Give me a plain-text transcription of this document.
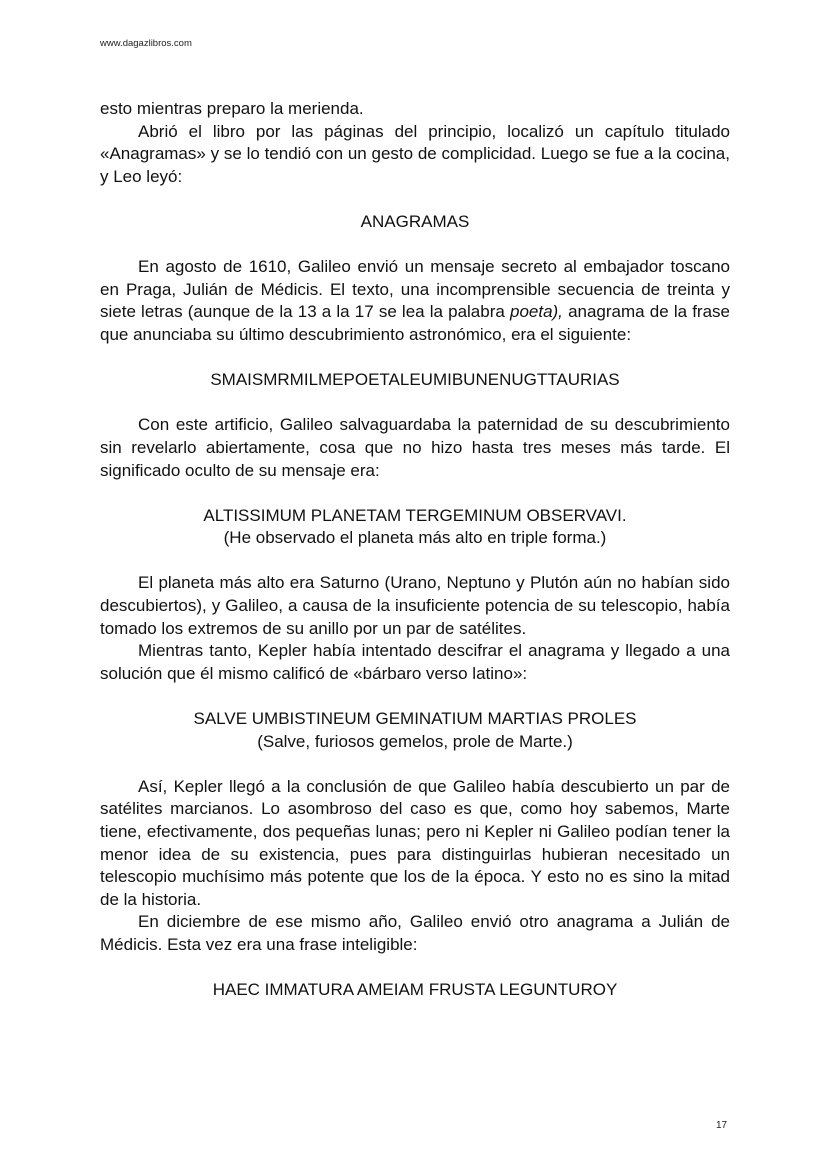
www.dagazlibros.com

esto mientras preparo la merienda.

Abrió el libro por las páginas del principio, localizó un capítulo titulado «Anagramas» y se lo tendió con un gesto de complicidad. Luego se fue a la cocina, y Leo leyó:

ANAGRAMAS

En agosto de 1610, Galileo envió un mensaje secreto al embajador toscano en Praga, Julián de Médicis. El texto, una incomprensible secuencia de treinta y siete letras (aunque de la 13 a la 17 se lea la palabra poeta), anagrama de la frase que anunciaba su último descubrimiento astronómico, era el siguiente:

SMAISMRMILMEPOETALEUMIBUNENUGTTAURIAS

Con este artificio, Galileo salvaguardaba la paternidad de su descubrimiento sin revelarlo abiertamente, cosa que no hizo hasta tres meses más tarde. El significado oculto de su mensaje era:

ALTISSIMUM PLANETAM TERGEMINUM OBSERVAVI.

(He observado el planeta más alto en triple forma.)

El planeta más alto era Saturno (Urano, Neptuno y Plutón aún no habían sido descubiertos), y Galileo, a causa de la insuficiente potencia de su telescopio, había tomado los extremos de su anillo por un par de satélites.

Mientras tanto, Kepler había intentado descifrar el anagrama y llegado a una solución que él mismo calificó de «bárbaro verso latino»:

SALVE UMBISTINEUM GEMINATIUM MARTIAS PROLES

(Salve, furiosos gemelos, prole de Marte.)

Así, Kepler llegó a la conclusión de que Galileo había descubierto un par de satélites marcianos. Lo asombroso del caso es que, como hoy sabemos, Marte tiene, efectivamente, dos pequeñas lunas; pero ni Kepler ni Galileo podían tener la menor idea de su existencia, pues para distinguirlas hubieran necesitado un telescopio muchísimo más potente que los de la época. Y esto no es sino la mitad de la historia.

En diciembre de ese mismo año, Galileo envió otro anagrama a Julián de Médicis. Esta vez era una frase inteligible:

HAEC IMMATURA AMEIAM FRUSTA LEGUNTUROY

17
